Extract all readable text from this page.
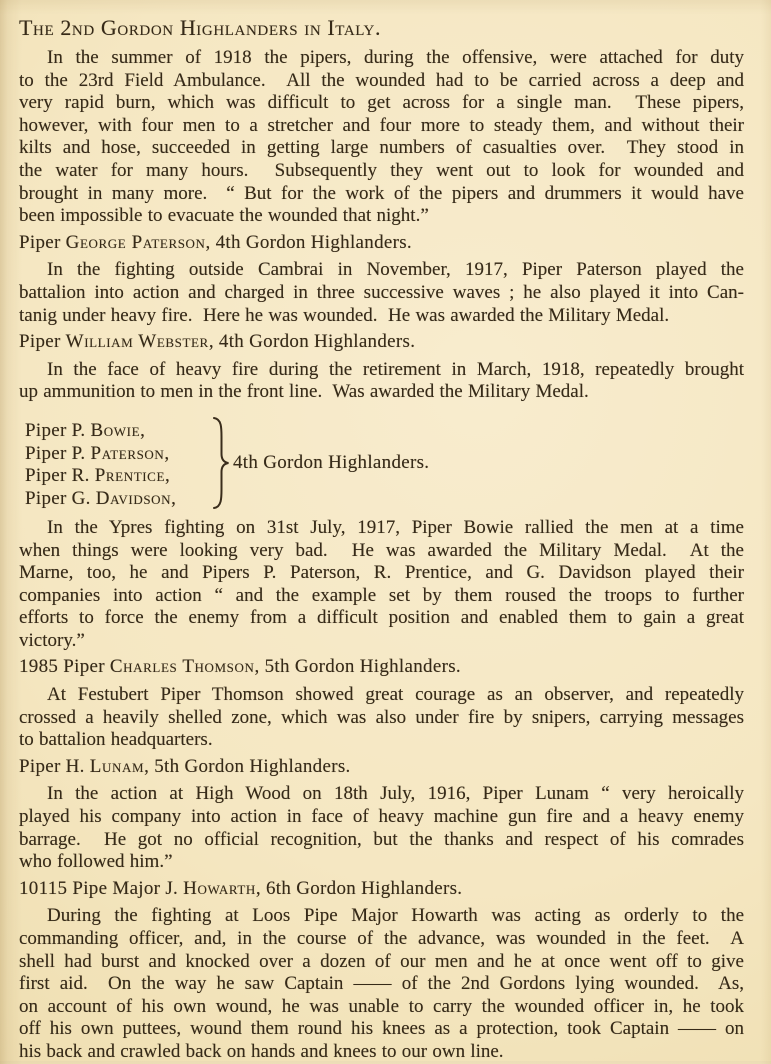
The 2nd Gordon Highlanders in Italy.
In the summer of 1918 the pipers, during the offensive, were attached for duty
to the 23rd Field Ambulance.  All the wounded had to be carried across a deep and
very rapid burn, which was difficult to get across for a single man.  These pipers,
however, with four men to a stretcher and four more to steady them, and without their
kilts and hose, succeeded in getting large numbers of casualties over.  They stood in
the water for many hours.  Subsequently they went out to look for wounded and
brought in many more.  “ But for the work of the pipers and drummers it would have
been impossible to evacuate the wounded that night.”
Piper George Paterson, 4th Gordon Highlanders.
In the fighting outside Cambrai in November, 1917, Piper Paterson played the
battalion into action and charged in three successive waves ; he also played it into Can-
tanig under heavy fire.  Here he was wounded.  He was awarded the Military Medal.
Piper William Webster, 4th Gordon Highlanders.
In the face of heavy fire during the retirement in March, 1918, repeatedly brought
up ammunition to men in the front line.  Was awarded the Military Medal.
Piper P. Bowie,
Piper P. Paterson,
Piper R. Prentice,
Piper G. Davidson,
4th Gordon Highlanders.
In the Ypres fighting on 31st July, 1917, Piper Bowie rallied the men at a time
when things were looking very bad.  He was awarded the Military Medal.  At the
Marne, too, he and Pipers P. Paterson, R. Prentice, and G. Davidson played their
companies into action “ and the example set by them roused the troops to further
efforts to force the enemy from a difficult position and enabled them to gain a great
victory.”
1985 Piper Charles Thomson, 5th Gordon Highlanders.
At Festubert Piper Thomson showed great courage as an observer, and repeatedly
crossed a heavily shelled zone, which was also under fire by snipers, carrying messages
to battalion headquarters.
Piper H. Lunam, 5th Gordon Highlanders.
In the action at High Wood on 18th July, 1916, Piper Lunam “ very heroically
played his company into action in face of heavy machine gun fire and a heavy enemy
barrage.  He got no official recognition, but the thanks and respect of his comrades
who followed him.”
10115 Pipe Major J. Howarth, 6th Gordon Highlanders.
During the fighting at Loos Pipe Major Howarth was acting as orderly to the
commanding officer, and, in the course of the advance, was wounded in the feet.  A
shell had burst and knocked over a dozen of our men and he at once went off to give
first aid.  On the way he saw Captain —— of the 2nd Gordons lying wounded.  As,
on account of his own wound, he was unable to carry the wounded officer in, he took
off his own puttees, wound them round his knees as a protection, took Captain —— on
his back and crawled back on hands and knees to our own line.
